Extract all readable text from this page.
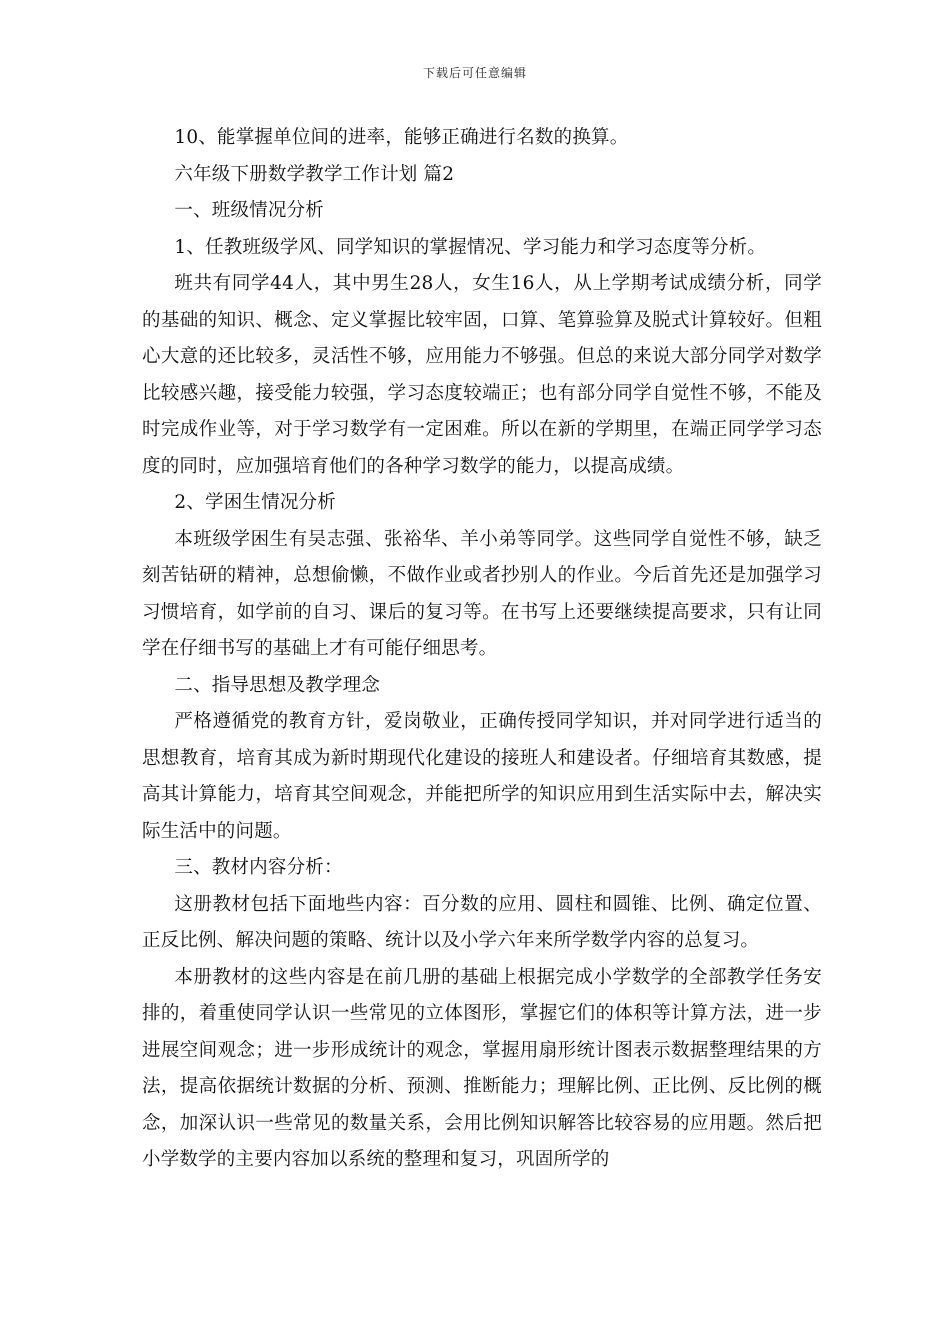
下载后可任意编辑

10、能掌握单位间的进率，能够正确进行名数的换算。

六年级下册数学教学工作计划 篇2

一、班级情况分析

1、任教班级学风、同学知识的掌握情况、学习能力和学习态度等分析。

班共有同学44人，其中男生28人，女生16人，从上学期考试成绩分析，同学的基础的知识、概念、定义掌握比较牢固，口算、笔算验算及脱式计算较好。但粗心大意的还比较多，灵活性不够，应用能力不够强。但总的来说大部分同学对数学比较感兴趣，接受能力较强，学习态度较端正；也有部分同学自觉性不够，不能及时完成作业等，对于学习数学有一定困难。所以在新的学期里，在端正同学学习态度的同时，应加强培育他们的各种学习数学的能力，以提高成绩。

2、学困生情况分析

本班级学困生有吴志强、张裕华、羊小弟等同学。这些同学自觉性不够，缺乏刻苦钻研的精神，总想偷懒，不做作业或者抄别人的作业。今后首先还是加强学习习惯培育，如学前的自习、课后的复习等。在书写上还要继续提高要求，只有让同学在仔细书写的基础上才有可能仔细思考。

二、指导思想及教学理念

严格遵循党的教育方针，爱岗敬业，正确传授同学知识，并对同学进行适当的思想教育，培育其成为新时期现代化建设的接班人和建设者。仔细培育其数感，提高其计算能力，培育其空间观念，并能把所学的知识应用到生活实际中去，解决实际生活中的问题。

三、教材内容分析：

这册教材包括下面地些内容：百分数的应用、圆柱和圆锥、比例、确定位置、正反比例、解决问题的策略、统计以及小学六年来所学数学内容的总复习。

本册教材的这些内容是在前几册的基础上根据完成小学数学的全部教学任务安排的，着重使同学认识一些常见的立体图形，掌握它们的体积等计算方法，进一步进展空间观念；进一步形成统计的观念，掌握用扇形统计图表示数据整理结果的方法，提高依据统计数据的分析、预测、推断能力；理解比例、正比例、反比例的概念，加深认识一些常见的数量关系，会用比例知识解答比较容易的应用题。然后把小学数学的主要内容加以系统的整理和复习，巩固所学的
